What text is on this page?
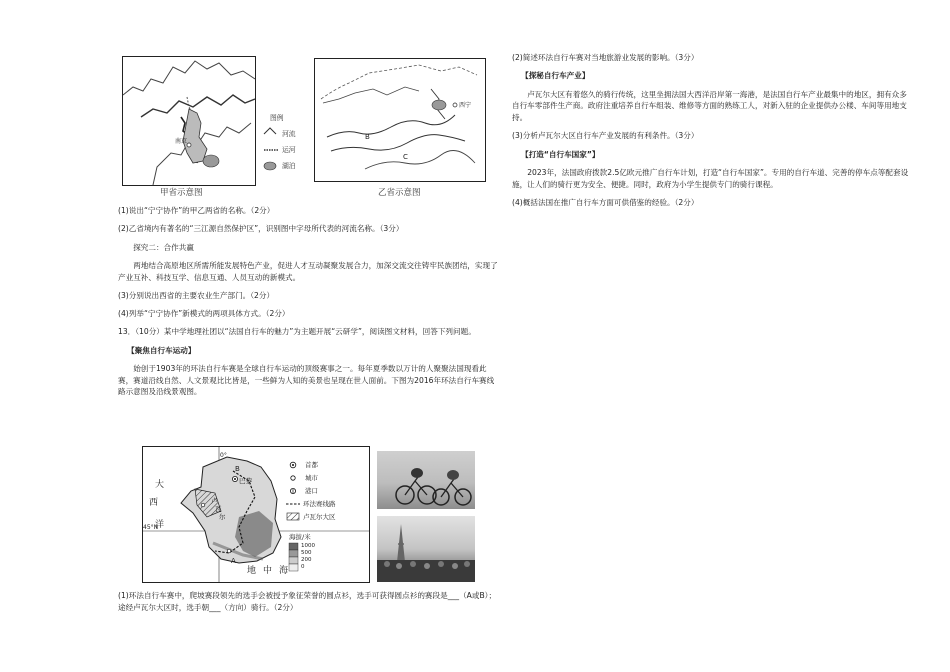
南京
甲省示意图
图例
河流
运河
湖泊
西宁
B
C
乙省示意图

(1)说出“宁宁协作”的甲乙两省的名称。（2分）

(2)乙省境内有著名的“三江源自然保护区”，识别图中字母所代表的河流名称。（3分）

探究二：合作共赢

两地结合高原地区所需所能发展特色产业，促进人才互动凝聚发展合力，加深交流交往铸牢民族团结，实现了产业互补、科技互学、信息互通、人员互动的新模式。

(3)分别说出西省的主要农业生产部门。（2分）

(4)列举“宁宁协作”新模式的两项具体方式。（2分）

13．（10分）某中学地理社团以“法国自行车的魅力”为主题开展“云研学”，阅读图文材料，回答下列问题。

【聚焦自行车运动】

始创于1903年的环法自行车赛是全球自行车运动的顶级赛事之一。每年夏季数以万计的人聚聚法国现看此赛，赛道沿线自然、人文景观比比皆是，一些鲜为人知的美景也呈现在世人面前。下图为2016年环法自行车赛线路示意图及沿线景观图。

0°
45°N
大
西
洋
地 中 海
巴黎
B
A
卢
瓦
尔
首都
城市
港口
环法赛线路
卢瓦尔大区
海拔/米
1000
500
200
0

(1)环法自行车赛中，爬坡赛段领先的选手会被授予象征荣誉的圆点衫，选手可获得圆点衫的赛段是___（A或B）；途经卢瓦尔大区时，选手朝___（方向）骑行。（2分）

(2)简述环法自行车赛对当地旅游业发展的影响。（3分）

【探秘自行车产业】

卢瓦尔大区有着悠久的骑行传统，这里坐拥法国大西洋沿岸第一海港，是法国自行车产业最集中的地区，拥有众多自行车零部件生产商。政府注重培养自行车组装、维修等方面的熟练工人，对新入驻的企业提供办公楼、车间等用地支持。

(3)分析卢瓦尔大区自行车产业发展的有利条件。（3分）

【打造“自行车国家”】

2023年，法国政府拨款2.5亿欧元推广自行车计划，打造“自行车国家”。专用的自行车道、完善的停车点等配套设施，让人们的骑行更为安全、便捷。同时，政府为小学生提供专门的骑行课程。

(4)概括法国在推广自行车方面可供借鉴的经验。（2分）
